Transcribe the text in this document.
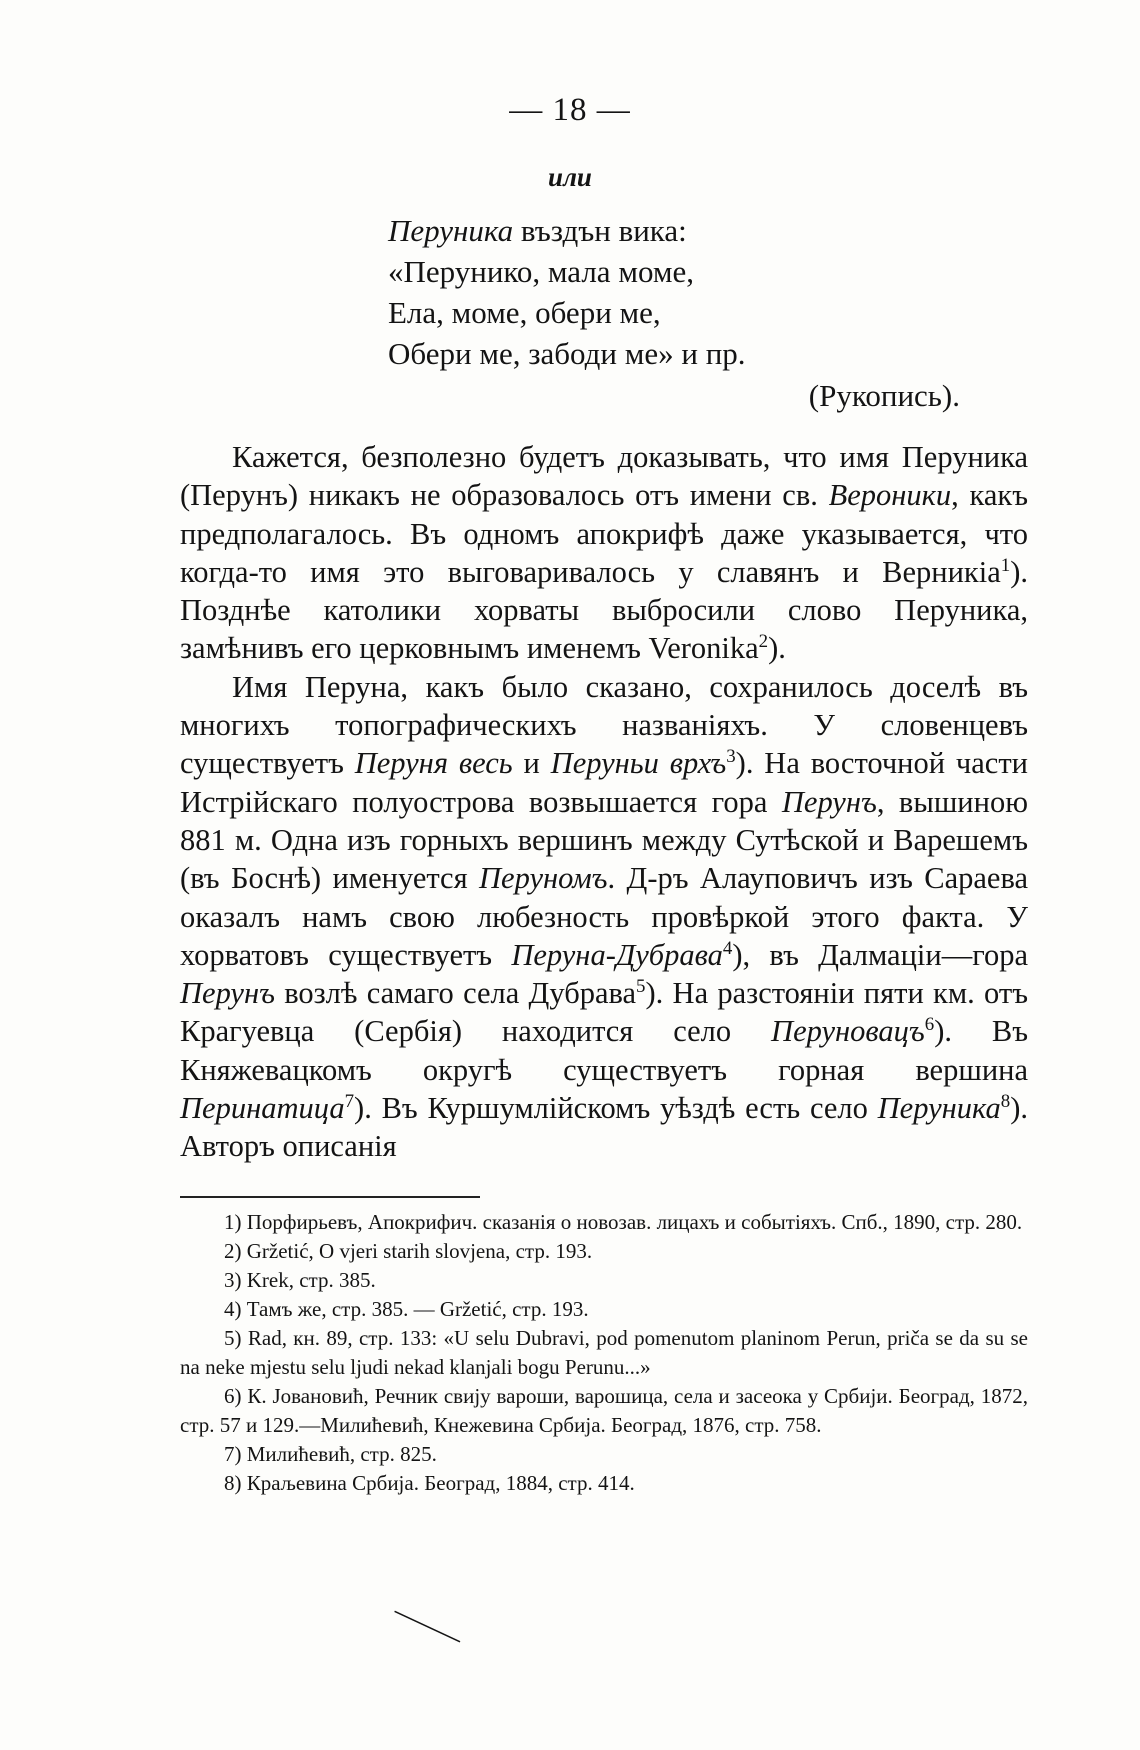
— 18 —
или
Перуника въздън вика:
«Перунико, мала моме,
Ела, моме, обери ме,
Обери ме, забоди ме» и пр.
(Рукопись).

Кажется, безполезно будетъ доказывать, что имя Перуника (Перунъ) никакъ не образовалось отъ имени св. Вероники, какъ предполагалось. Въ одномъ апокрифѣ даже указывается, что когда-то имя это выговаривалось у славянъ и Верникiа$^1$). Позднѣе католики хорваты выбросили слово Перуника, замѣнивъ его церковнымъ именемъ Veronika$^2$).

Имя Перуна, какъ было сказано, сохранилось доселѣ въ многихъ топографическихъ названiяхъ. У словенцевъ существуетъ Перуня весь и Перуньи врхъ$^3$). На восточной части Истрiйскаго полуострова возвышается гора Перунъ, вышиною 881 м. Одна изъ горныхъ вершинъ между Сутѣской и Варешемъ (въ Боснѣ) именуется Перуномъ. Д-ръ Алауповичъ изъ Сараева оказалъ намъ свою любезность провѣркой этого факта. У хорватовъ существуетъ Перуна-Дубрава$^4$), въ Далмацiи—гора Перунъ возлѣ самаго села Дубрава$^5$). На разстоянiи пяти км. отъ Крагуевца (Сербiя) находится село Перуновацъ$^6$). Въ Княжевацкомъ округѣ существуетъ горная вершина Перинатица$^7$). Въ Куршумлiйскомъ уѣздѣ есть село Перуника$^8$). Авторъ описанiя

1) Порфирьевъ, Апокрифич. сказанiя о новозав. лицахъ и событiяхъ. Спб., 1890, стр. 280.

2) Gržetić, O vjeri starih slovjena, стр. 193.

3) Krek, стр. 385.

4) Тамъ же, стр. 385. — Gržetić, стр. 193.

5) Rad, кн. 89, стр. 133: «U selu Dubravi, pod pomenutom planinom Perun, priča se da su se na neke mjestu selu ljudi nekad klanjali bogu Perunu...»

6) К. Јовановић, Речник свију вароши, варошица, села и засеока у Србији. Београд, 1872, стр. 57 и 129.—Милићевић, Кнежевина Србија. Београд, 1876, стр. 758.

7) Милићевић, стр. 825.

8) Краљевина Србија. Београд, 1884, стр. 414.

⸻
